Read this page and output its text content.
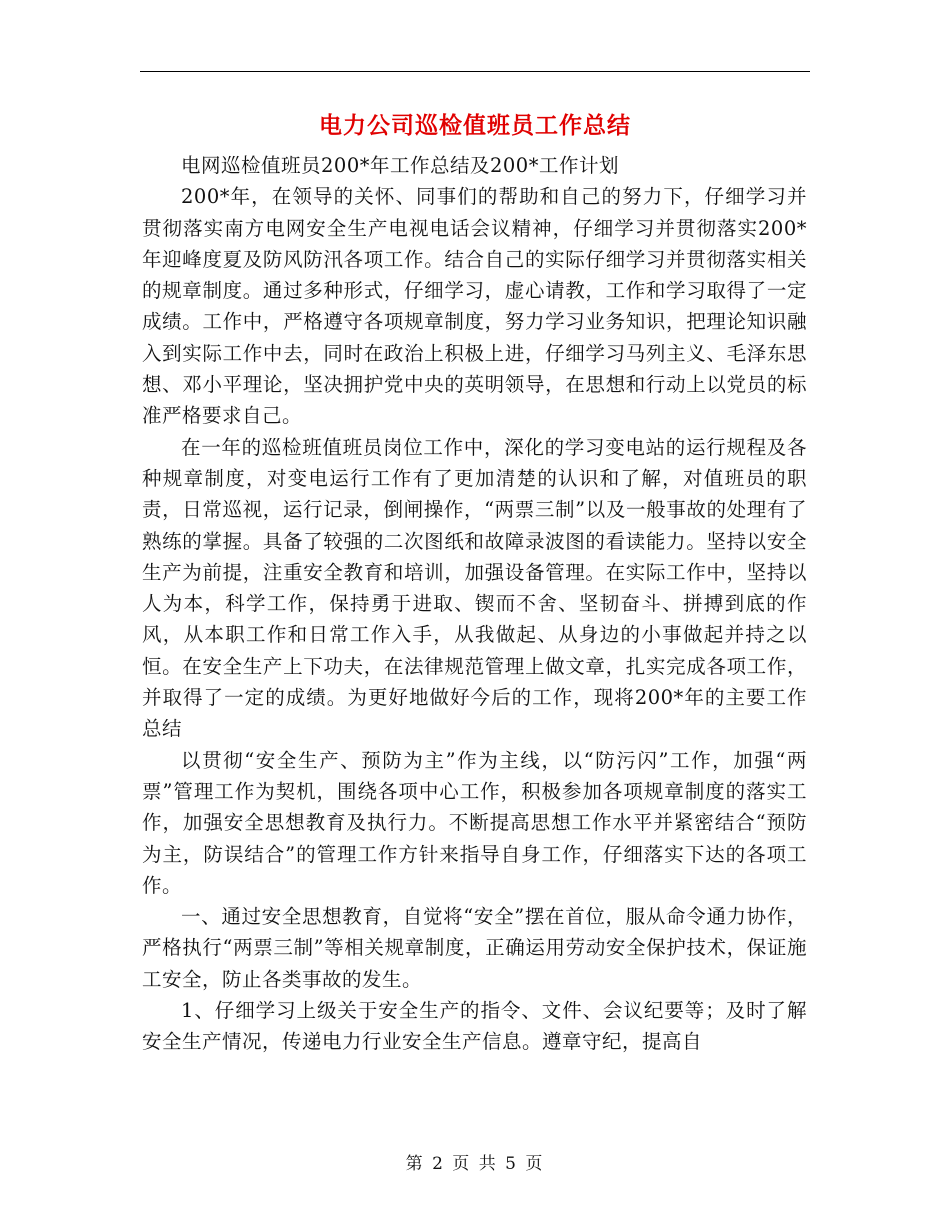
电力公司巡检值班员工作总结

电网巡检值班员200*年工作总结及200*工作计划

200*年，在领导的关怀、同事们的帮助和自己的努力下，仔细学习并贯彻落实南方电网安全生产电视电话会议精神，仔细学习并贯彻落实200*年迎峰度夏及防风防汛各项工作。结合自己的实际仔细学习并贯彻落实相关的规章制度。通过多种形式，仔细学习，虚心请教，工作和学习取得了一定成绩。工作中，严格遵守各项规章制度，努力学习业务知识，把理论知识融入到实际工作中去，同时在政治上积极上进，仔细学习马列主义、毛泽东思想、邓小平理论，坚决拥护党中央的英明领导，在思想和行动上以党员的标准严格要求自己。

在一年的巡检班值班员岗位工作中，深化的学习变电站的运行规程及各种规章制度，对变电运行工作有了更加清楚的认识和了解，对值班员的职责，日常巡视，运行记录，倒闸操作，“两票三制”以及一般事故的处理有了熟练的掌握。具备了较强的二次图纸和故障录波图的看读能力。坚持以安全生产为前提，注重安全教育和培训，加强设备管理。在实际工作中，坚持以人为本，科学工作，保持勇于进取、锲而不舍、坚韧奋斗、拼搏到底的作风，从本职工作和日常工作入手，从我做起、从身边的小事做起并持之以恒。在安全生产上下功夫，在法律规范管理上做文章，扎实完成各项工作，并取得了一定的成绩。为更好地做好今后的工作，现将200*年的主要工作总结

以贯彻“安全生产、预防为主”作为主线，以“防污闪”工作，加强“两票”管理工作为契机，围绕各项中心工作，积极参加各项规章制度的落实工作，加强安全思想教育及执行力。不断提高思想工作水平并紧密结合“预防为主，防误结合”的管理工作方针来指导自身工作，仔细落实下达的各项工作。

一、通过安全思想教育，自觉将“安全”摆在首位，服从命令通力协作，严格执行“两票三制”等相关规章制度，正确运用劳动安全保护技术，保证施工安全，防止各类事故的发生。

1、仔细学习上级关于安全生产的指令、文件、会议纪要等；及时了解安全生产情况，传递电力行业安全生产信息。遵章守纪，提高自

第 2 页 共 5 页
